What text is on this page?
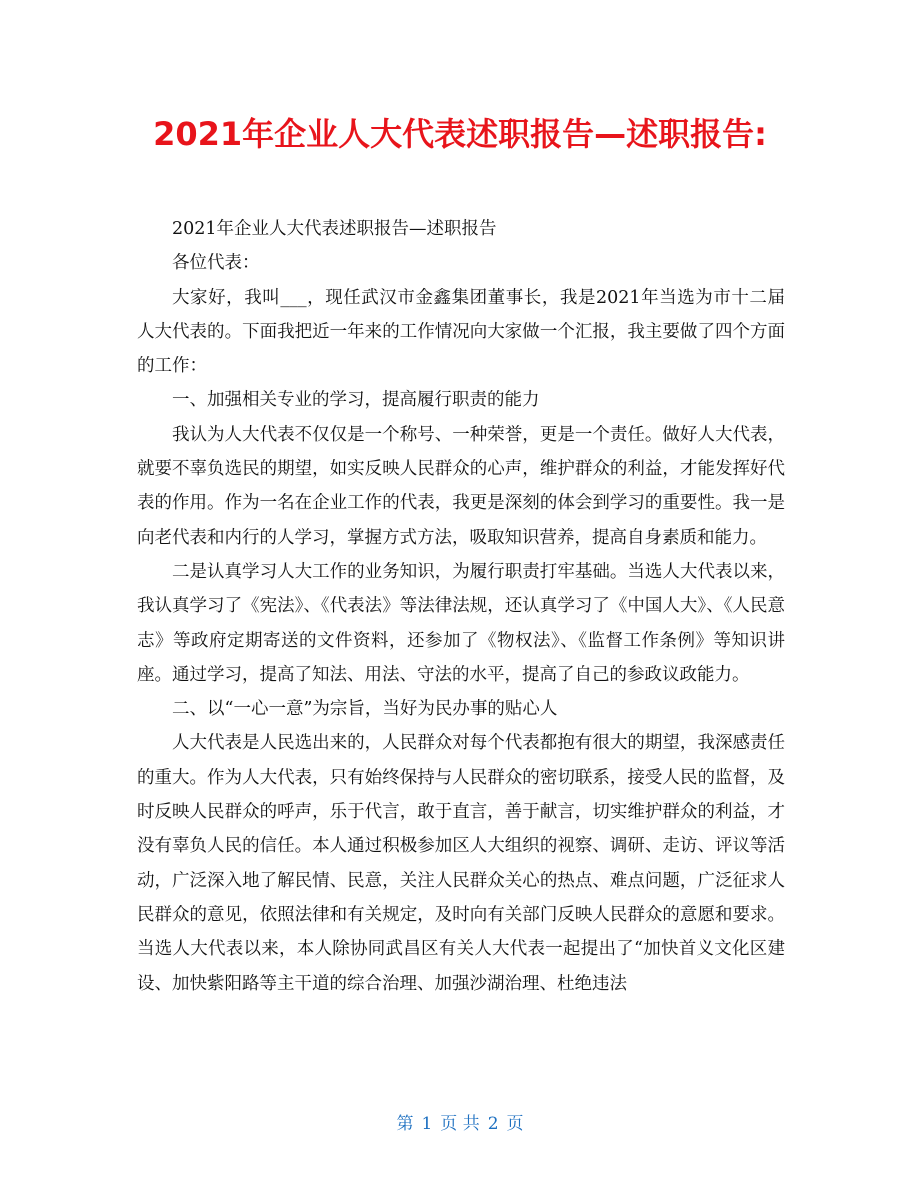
2021年企业人大代表述职报告—述职报告:

2021年企业人大代表述职报告—述职报告

各位代表：

大家好，我叫___，现任武汉市金鑫集团董事长，我是2021年当选为市十二届人大代表的。下面我把近一年来的工作情况向大家做一个汇报，我主要做了四个方面的工作：

一、加强相关专业的学习，提高履行职责的能力

我认为人大代表不仅仅是一个称号、一种荣誉，更是一个责任。做好人大代表，就要不辜负选民的期望，如实反映人民群众的心声，维护群众的利益，才能发挥好代表的作用。作为一名在企业工作的代表，我更是深刻的体会到学习的重要性。我一是向老代表和内行的人学习，掌握方式方法，吸取知识营养，提高自身素质和能力。

二是认真学习人大工作的业务知识，为履行职责打牢基础。当选人大代表以来，我认真学习了《宪法》、《代表法》等法律法规，还认真学习了《中国人大》、《人民意志》等政府定期寄送的文件资料，还参加了《物权法》、《监督工作条例》等知识讲座。通过学习，提高了知法、用法、守法的水平，提高了自己的参政议政能力。

二、以“一心一意”为宗旨，当好为民办事的贴心人

人大代表是人民选出来的，人民群众对每个代表都抱有很大的期望，我深感责任的重大。作为人大代表，只有始终保持与人民群众的密切联系，接受人民的监督，及时反映人民群众的呼声，乐于代言，敢于直言，善于献言，切实维护群众的利益，才没有辜负人民的信任。本人通过积极参加区人大组织的视察、调研、走访、评议等活动，广泛深入地了解民情、民意，关注人民群众关心的热点、难点问题，广泛征求人民群众的意见，依照法律和有关规定，及时向有关部门反映人民群众的意愿和要求。当选人大代表以来，本人除协同武昌区有关人大代表一起提出了“加快首义文化区建设、加快紫阳路等主干道的综合治理、加强沙湖治理、杜绝违法

第 1 页 共 2 页
